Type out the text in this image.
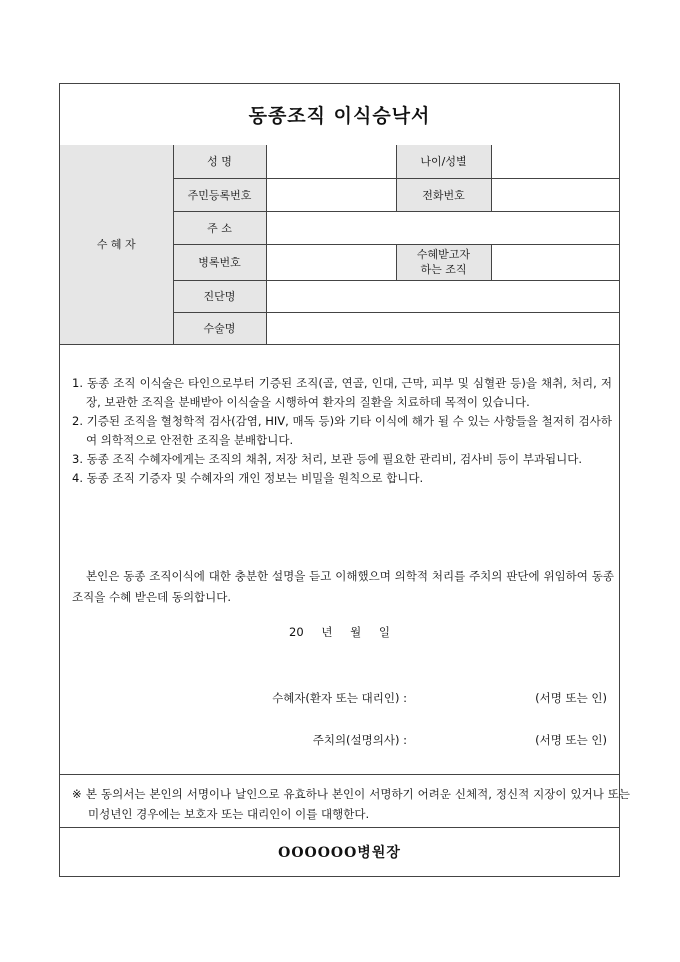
동종조직 이식승낙서
수 혜 자	성 명		나이/성별	
	주민등록번호		전화번호	
	주 소			
	병록번호		수혜받고자
하는 조직	

	진단명			
	수술명			
1. 동종 조직 이식술은 타인으로부터 기증된 조직(골, 연골, 인대, 근막, 피부 및 심혈관 등)을 채취, 처리, 저장, 보관한 조직을 분배받아 이식술을 시행하여 환자의 질환을 치료하데 목적이 있습니다.
2. 기증된 조직을 혈청학적 검사(감염, HIV, 매독 등)와 기타 이식에 해가 될 수 있는 사항들을 철저히 검사하여 의학적으로 안전한 조직을 분배합니다.
3. 동종 조직 수혜자에게는 조직의 채취, 저장 처리, 보관 등에 필요한 관리비, 검사비 등이 부과됩니다.
4. 동종 조직 기증자 및 수혜자의 개인 정보는 비밀을 원칙으로 합니다.
본인은 동종 조직이식에 대한 충분한 설명을 듣고 이해했으며 의학적 처리를 주치의 판단에 위임하여 동종 조직을 수혜 받은데 동의합니다.
20 년 월 일
수혜자(환자 또는 대리인) :	(서명 또는 인)
주치의(설명의사) :	(서명 또는 인)
※ 본 동의서는 본인의 서명이나 날인으로 유효하나 본인이 서명하기 어려운 신체적, 정신적 지장이 있거나 또는 미성년인 경우에는 보호자 또는 대리인이 이를 대행한다.
OOOOOO병원장
